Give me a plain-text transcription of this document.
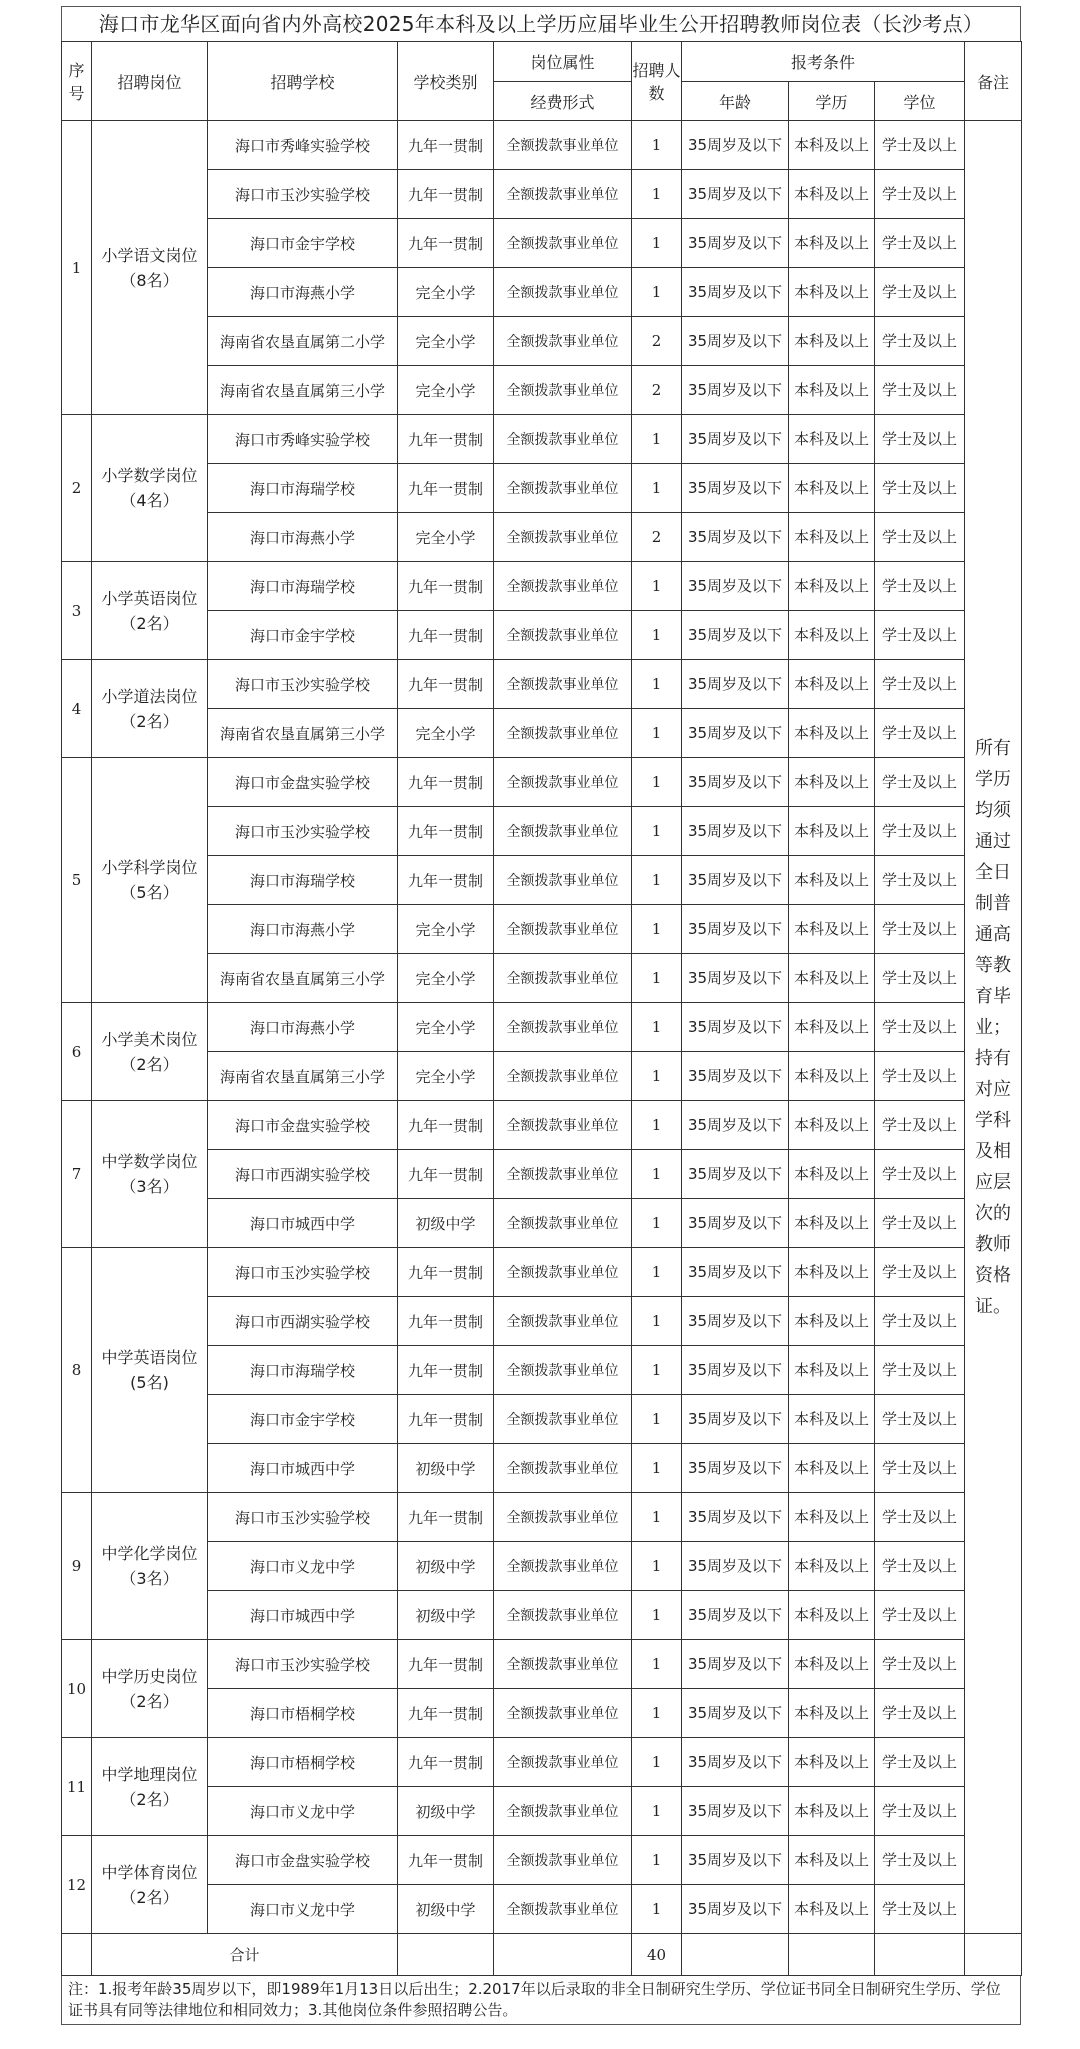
海口市龙华区面向省内外高校2025年本科及以上学历应届毕业生公开招聘教师岗位表（长沙考点）
序号	招聘岗位	招聘学校	学校类别	岗位属性	招聘人数	报考条件			备注
				经费形式		年龄	学历	学位	
1	小学语文岗位（8名）	海口市秀峰实验学校	九年一贯制	全额拨款事业单位	1	35周岁及以下	本科及以上	学士及以上	所有学历均须通过全日制普通高等教育毕业；持有对应学科及相应层次的教师资格证。
		海口市玉沙实验学校	九年一贯制	全额拨款事业单位	1	35周岁及以下	本科及以上	学士及以上	
		海口市金宇学校	九年一贯制	全额拨款事业单位	1	35周岁及以下	本科及以上	学士及以上	
		海口市海燕小学	完全小学	全额拨款事业单位	1	35周岁及以下	本科及以上	学士及以上	
		海南省农垦直属第二小学	完全小学	全额拨款事业单位	2	35周岁及以下	本科及以上	学士及以上	
		海南省农垦直属第三小学	完全小学	全额拨款事业单位	2	35周岁及以下	本科及以上	学士及以上	
2	小学数学岗位（4名）	海口市秀峰实验学校	九年一贯制	全额拨款事业单位	1	35周岁及以下	本科及以上	学士及以上	
		海口市海瑞学校	九年一贯制	全额拨款事业单位	1	35周岁及以下	本科及以上	学士及以上	
		海口市海燕小学	完全小学	全额拨款事业单位	2	35周岁及以下	本科及以上	学士及以上	
3	小学英语岗位（2名）	海口市海瑞学校	九年一贯制	全额拨款事业单位	1	35周岁及以下	本科及以上	学士及以上	
		海口市金宇学校	九年一贯制	全额拨款事业单位	1	35周岁及以下	本科及以上	学士及以上	
4	小学道法岗位（2名）	海口市玉沙实验学校	九年一贯制	全额拨款事业单位	1	35周岁及以下	本科及以上	学士及以上	
		海南省农垦直属第三小学	完全小学	全额拨款事业单位	1	35周岁及以下	本科及以上	学士及以上	
5	小学科学岗位（5名）	海口市金盘实验学校	九年一贯制	全额拨款事业单位	1	35周岁及以下	本科及以上	学士及以上	
		海口市玉沙实验学校	九年一贯制	全额拨款事业单位	1	35周岁及以下	本科及以上	学士及以上	
		海口市海瑞学校	九年一贯制	全额拨款事业单位	1	35周岁及以下	本科及以上	学士及以上	
		海口市海燕小学	完全小学	全额拨款事业单位	1	35周岁及以下	本科及以上	学士及以上	
		海南省农垦直属第三小学	完全小学	全额拨款事业单位	1	35周岁及以下	本科及以上	学士及以上	
6	小学美术岗位（2名）	海口市海燕小学	完全小学	全额拨款事业单位	1	35周岁及以下	本科及以上	学士及以上	
		海南省农垦直属第三小学	完全小学	全额拨款事业单位	1	35周岁及以下	本科及以上	学士及以上	
7	中学数学岗位（3名）	海口市金盘实验学校	九年一贯制	全额拨款事业单位	1	35周岁及以下	本科及以上	学士及以上	
		海口市西湖实验学校	九年一贯制	全额拨款事业单位	1	35周岁及以下	本科及以上	学士及以上	
		海口市城西中学	初级中学	全额拨款事业单位	1	35周岁及以下	本科及以上	学士及以上	
8	中学英语岗位(5名)	海口市玉沙实验学校	九年一贯制	全额拨款事业单位	1	35周岁及以下	本科及以上	学士及以上	
		海口市西湖实验学校	九年一贯制	全额拨款事业单位	1	35周岁及以下	本科及以上	学士及以上	
		海口市海瑞学校	九年一贯制	全额拨款事业单位	1	35周岁及以下	本科及以上	学士及以上	
		海口市金宇学校	九年一贯制	全额拨款事业单位	1	35周岁及以下	本科及以上	学士及以上	
		海口市城西中学	初级中学	全额拨款事业单位	1	35周岁及以下	本科及以上	学士及以上	
9	中学化学岗位（3名）	海口市玉沙实验学校	九年一贯制	全额拨款事业单位	1	35周岁及以下	本科及以上	学士及以上	
		海口市义龙中学	初级中学	全额拨款事业单位	1	35周岁及以下	本科及以上	学士及以上	
		海口市城西中学	初级中学	全额拨款事业单位	1	35周岁及以下	本科及以上	学士及以上	
10	中学历史岗位（2名）	海口市玉沙实验学校	九年一贯制	全额拨款事业单位	1	35周岁及以下	本科及以上	学士及以上	
		海口市梧桐学校	九年一贯制	全额拨款事业单位	1	35周岁及以下	本科及以上	学士及以上	
11	中学地理岗位（2名）	海口市梧桐学校	九年一贯制	全额拨款事业单位	1	35周岁及以下	本科及以上	学士及以上	
		海口市义龙中学	初级中学	全额拨款事业单位	1	35周岁及以下	本科及以上	学士及以上	
12	中学体育岗位（2名）	海口市金盘实验学校	九年一贯制	全额拨款事业单位	1	35周岁及以下	本科及以上	学士及以上	
		海口市义龙中学	初级中学	全额拨款事业单位	1	35周岁及以下	本科及以上	学士及以上	
	合计				40				
注：1.报考年龄35周岁以下，即1989年1月13日以后出生；2.2017年以后录取的非全日制研究生学历、学位证书同全日制研究生学历、学位证书具有同等法律地位和相同效力；3.其他岗位条件参照招聘公告。
